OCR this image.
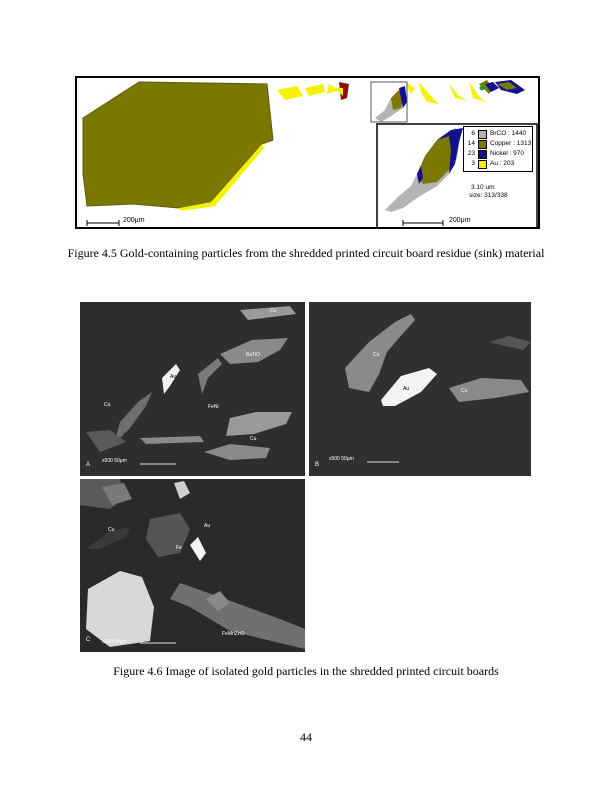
6 BrCO : 1440
14 Copper : 1313
23 Nickel : 970
3 Au : 203
3.10 um
size: 313/338
200μm	200μm
Figure 4.5 Gold-containing particles from the shredded printed circuit board residue (sink) material
Cu
BaTiO
Au
FeNi
Cu
Cu
A
x500 50μm
Cu
Au	Cu
B
x500 50μm
Cu
Au
Fe
FeMnZnO
C x500 50μm
Figure 4.6 Image of isolated gold particles in the shredded printed circuit boards
44
